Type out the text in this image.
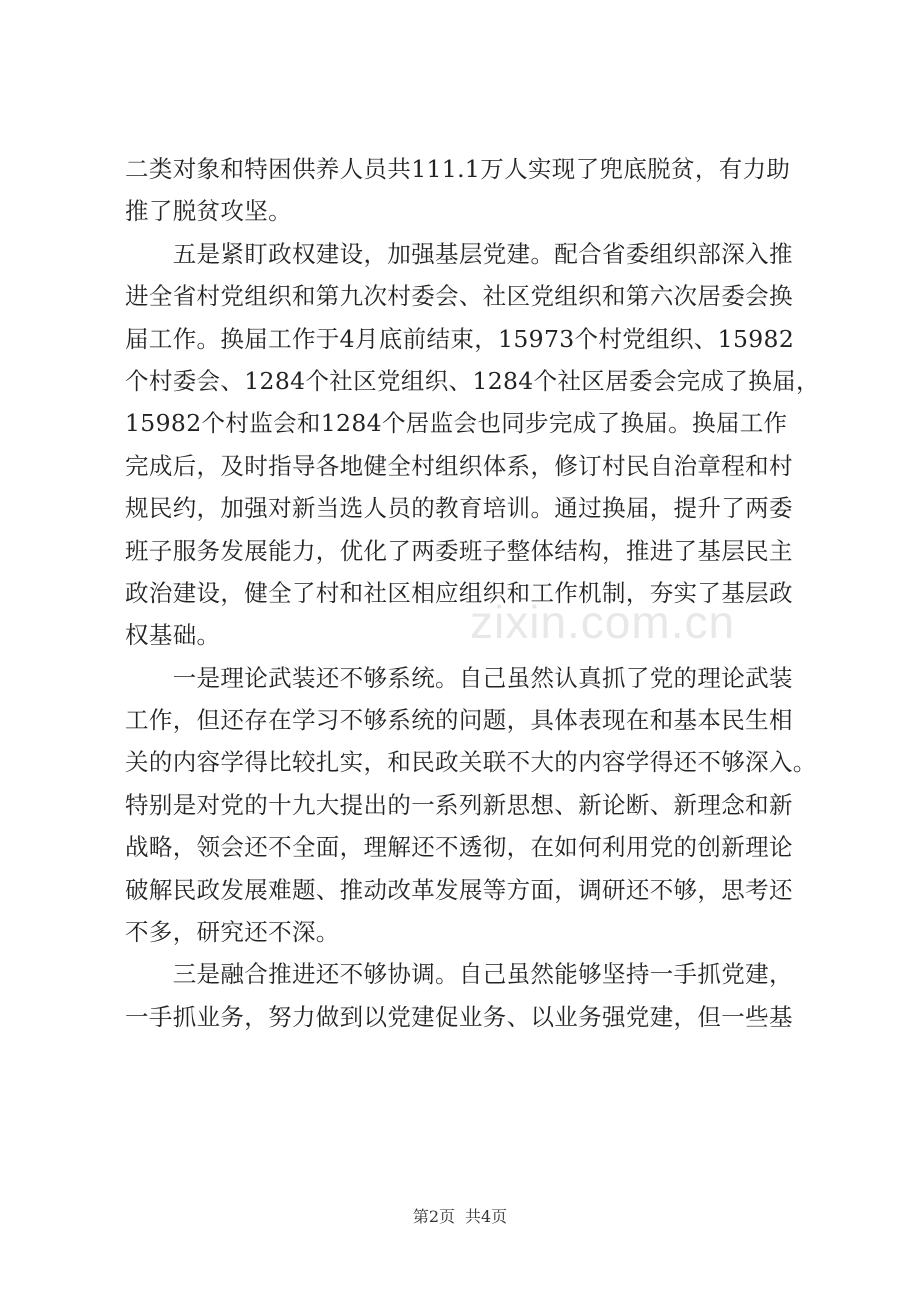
二类对象和特困供养人员共111.1万人实现了兜底脱贫，有力助
推了脱贫攻坚。
　　五是紧盯政权建设，加强基层党建。配合省委组织部深入推
进全省村党组织和第九次村委会、社区党组织和第六次居委会换
届工作。换届工作于4月底前结束，15973个村党组织、15982
个村委会、1284个社区党组织、1284个社区居委会完成了换届，
15982个村监会和1284个居监会也同步完成了换届。换届工作
完成后，及时指导各地健全村组织体系，修订村民自治章程和村
规民约，加强对新当选人员的教育培训。通过换届，提升了两委
班子服务发展能力，优化了两委班子整体结构，推进了基层民主
政治建设，健全了村和社区相应组织和工作机制，夯实了基层政
权基础。
　　一是理论武装还不够系统。自己虽然认真抓了党的理论武装
工作，但还存在学习不够系统的问题，具体表现在和基本民生相
关的内容学得比较扎实，和民政关联不大的内容学得还不够深入。
特别是对党的十九大提出的一系列新思想、新论断、新理念和新
战略，领会还不全面，理解还不透彻，在如何利用党的创新理论
破解民政发展难题、推动改革发展等方面，调研还不够，思考还
不多，研究还不深。
　　三是融合推进还不够协调。自己虽然能够坚持一手抓党建，
一手抓业务，努力做到以党建促业务、以业务强党建，但一些基
zixin.com.cn
第2页 共4页
